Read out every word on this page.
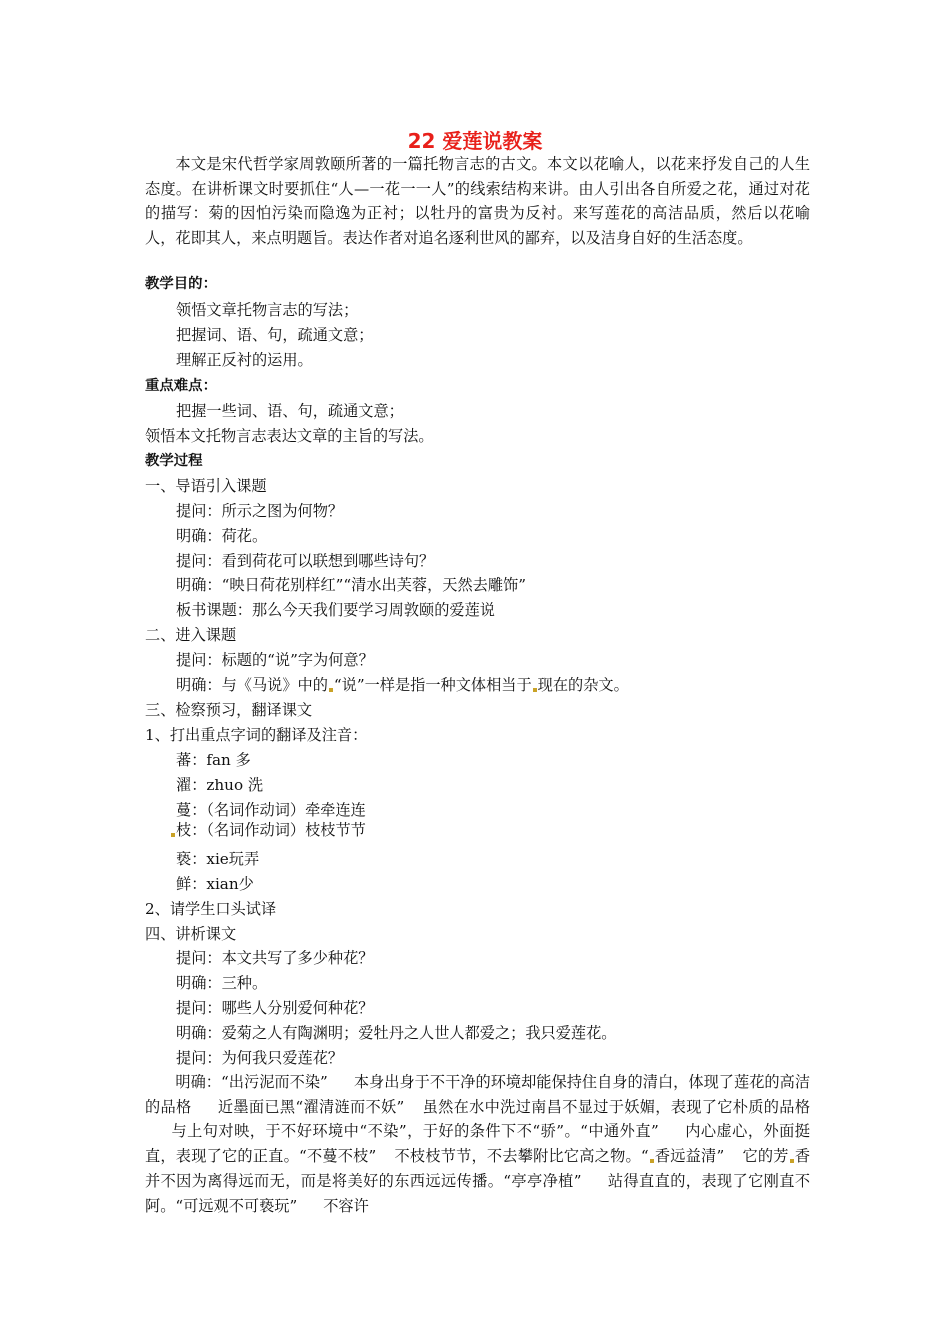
22 爱莲说教案

本文是宋代哲学家周敦颐所著的一篇托物言志的古文。本文以花喻人，以花来抒发自己的人生态度。在讲析课文时要抓住“人—一花一一人”的线索结构来讲。由人引出各自所爱之花，通过对花的描写：菊的因怕污染而隐逸为正衬；以牡丹的富贵为反衬。来写莲花的高洁品质，然后以花喻人，花即其人，来点明题旨。表达作者对追名逐利世风的鄙弃，以及洁身自好的生活态度。

教学目的：
领悟文章托物言志的写法；
把握词、语、句，疏通文意；
理解正反衬的运用。
重点难点：
把握一些词、语、句，疏通文意；
领悟本文托物言志表达文章的主旨的写法。
教学过程
一、导语引入课题
提问：所示之图为何物？
明确：荷花。
提问：看到荷花可以联想到哪些诗句？
明确：“映日荷花别样红”“清水出芙蓉，天然去雕饰”
板书课题：那么今天我们要学习周敦颐的爱莲说
二、进入课题
提问：标题的“说”字为何意？
明确：与《马说》中的 “说”一样是指一种文体相当于 现在的杂文。
三、检察预习，翻译课文
1、打出重点字词的翻译及注音：
蕃：fan 多
濯：zhuo 洗
蔓：（名词作动词）牵牵连连
枝：（名词作动词）枝枝节节
亵：xie玩弄
鲜：xian少
2、请学生口头试译
四、讲析课文
提问：本文共写了多少种花？
明确：三种。
提问：哪些人分别爱何种花？
明确：爱菊之人有陶渊明；爱牡丹之人世人都爱之；我只爱莲花。
提问：为何我只爱莲花？

明确：“出污泥而不染” 本身出身于不干净的环境却能保持住自身的清白，体现了莲花的高洁的品格 近墨面已黑“濯清涟而不妖” 虽然在水中洗过南昌不显过于妖媚，表现了它朴质的品格与上句对映，于不好环境中“不染”，于好的条件下不“骄”。“中通外直” 内心虚心，外面挺直，表现了它的正直。“不蔓不枝” 不枝枝节节，不去攀附比它高之物。“ 香远益清” 它的芳 香并不因为离得远而无，而是将美好的东西远远传播。“亭亭净植” 站得直直的，表现了它刚直不阿。“可远观不可亵玩” 不容许
